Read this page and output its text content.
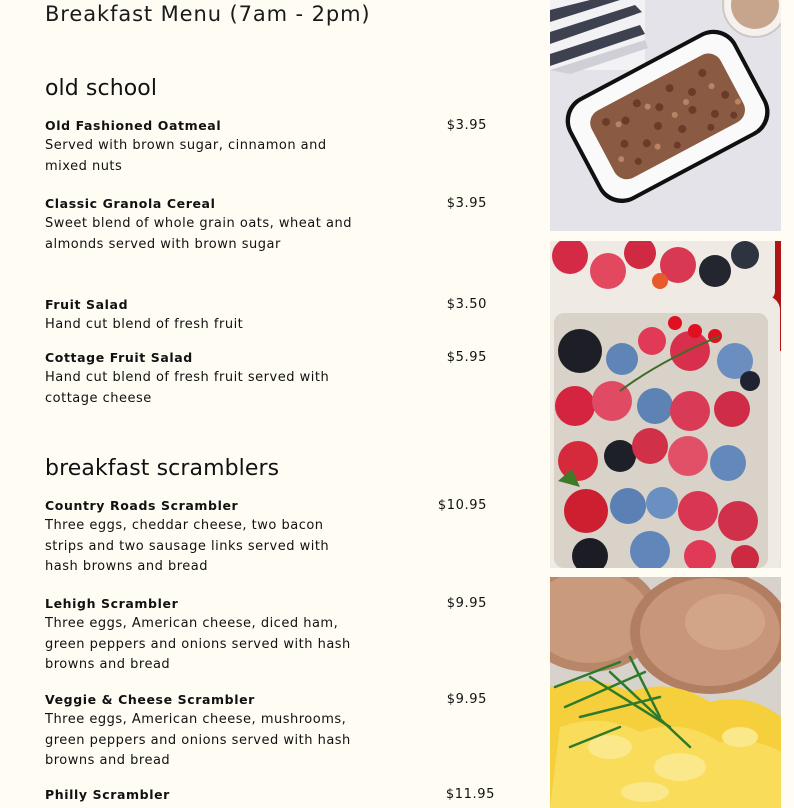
Breakfast Menu (7am - 2pm)
old school
Old Fashioned Oatmeal
Served with brown sugar, cinnamon and mixed nuts
$3.95
Classic Granola Cereal
Sweet blend of whole grain oats, wheat and almonds served with brown sugar
$3.95
Fruit Salad
Hand cut blend of fresh fruit
$3.50
Cottage Fruit Salad
Hand cut blend of fresh fruit served with cottage cheese
$5.95
breakfast scramblers
Country Roads Scrambler
Three eggs, cheddar cheese, two bacon strips and two sausage links served with hash browns and bread
$10.95
Lehigh Scrambler
Three eggs, American cheese, diced ham, green peppers and onions served with hash browns and bread
$9.95
Veggie & Cheese Scrambler
Three eggs, American cheese, mushrooms, green peppers and onions served with hash browns and bread
$9.95
Philly Scrambler	$11.95
